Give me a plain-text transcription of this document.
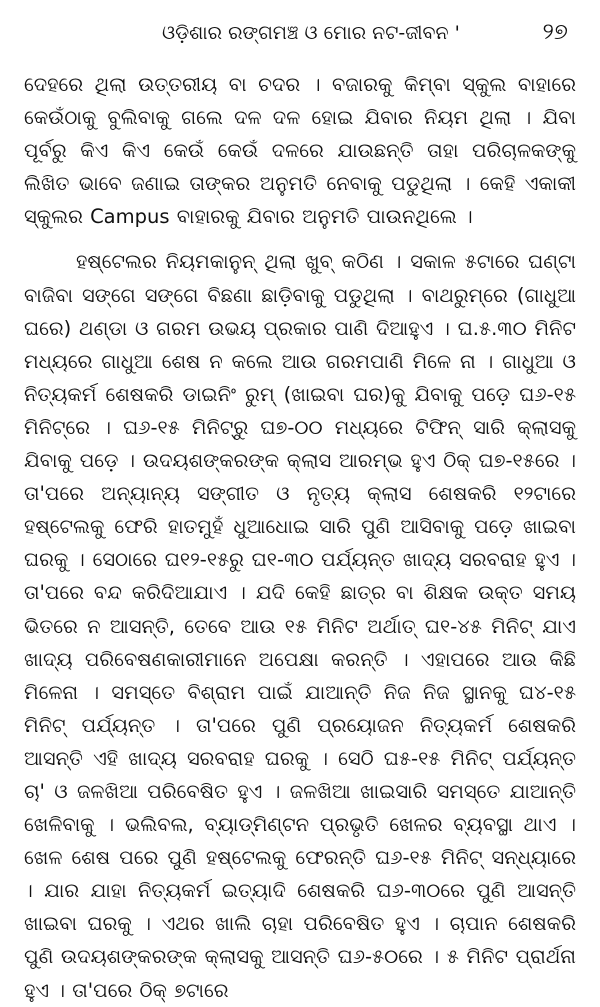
ଓଡ଼ିଶାର ରଙ୍ଗମଞ୍ଚ ଓ ମୋର ନଟ-ଜୀବନ '	୨୭

ଦେହରେ ଥିଲା ଉତ୍ତରୀୟ ବା ଚଦର । ବଜାରକୁ କିମ୍ବା ସ୍କୁଲ ବାହାରେ କେଉଁଠାକୁ ବୁଲିବାକୁ ଗଲେ ଦଳ ଦଳ ହୋଇ ଯିବାର ନିୟମ ଥିଲା । ଯିବା ପୂର୍ବରୁ କିଏ କିଏ କେଉଁ କେଉଁ ଦଳରେ ଯାଉଛନ୍ତି ତାହା ପରିଚାଳକଙ୍କୁ ଲିଖିତ ଭାବେ ଜଣାଇ ତାଙ୍କର ଅନୁମତି ନେବାକୁ ପଡୁଥିଲା । କେହି ଏକାକୀ ସ୍କୁଲର Campus ବାହାରକୁ ଯିବାର ଅନୁମତି ପାଉନଥିଲେ ।

ହଷ୍ଟେଲର ନିୟମକାନୁନ୍ ଥିଲା ଖୁବ୍ କଠିଣ । ସକାଳ ୫ଟାରେ ଘଣ୍ଟା ବାଜିବା ସଙ୍ଗେ ସଙ୍ଗେ ବିଛଣା ଛାଡ଼ିବାକୁ ପଡୁଥିଲା । ବାଥରୁମ୍‌ରେ (ଗାଧୁଆ ଘରେ) ଥଣ୍ଡା ଓ ଗରମ ଉଭୟ ପ୍ରକାର ପାଣି ଦିଆହୁଏ । ଘ.୫.୩୦ ମିନିଟ ମଧ୍ୟରେ ଗାଧୁଆ ଶେଷ ନ କଲେ ଆଉ ଗରମପାଣି ମିଳେ ନା । ଗାଧୁଆ ଓ ନିତ୍ୟକର୍ମ ଶେଷକରି ଡାଇନିଂ ରୁମ୍ (ଖାଇବା ଘର)କୁ ଯିବାକୁ ପଡ଼େ ଘ୬-୧୫ ମିନିଟ୍‌ରେ । ଘ୬-୧୫ ମିନିଟ୍‌ରୁ ଘ୭-୦୦ ମଧ୍ୟରେ ଟିଫିନ୍ ସାରି କ୍ଲାସକୁ ଯିବାକୁ ପଡ଼େ । ଉଦୟଶଙ୍କରଙ୍କ କ୍ଲାସ ଆରମ୍ଭ ହୁଏ ଠିକ୍ ଘ୭-୧୫ରେ । ତା'ପରେ ଅନ୍ୟାନ୍ୟ ସଙ୍ଗୀତ ଓ ନୃତ୍ୟ କ୍ଲାସ ଶେଷକରି ୧୨ଟାରେ ହଷ୍ଟେଲକୁ ଫେରି ହାତମୁହଁ ଧୁଆଧୋଇ ସାରି ପୁଣି ଆସିବାକୁ ପଡ଼େ ଖାଇବା ଘରକୁ । ସେଠାରେ ଘ୧୨-୧୫ରୁ ଘ୧-୩୦ ପର୍ଯ୍ୟନ୍ତ ଖାଦ୍ୟ ସରବରାହ ହୁଏ । ତା'ପରେ ବନ୍ଦ କରିଦିଆଯାଏ । ଯଦି କେହି ଛାତ୍ର ବା ଶିକ୍ଷକ ଉକ୍ତ ସମୟ ଭିତରେ ନ ଆସନ୍ତି, ତେବେ ଆଉ ୧୫ ମିନିଟ ଅର୍ଥାତ୍ ଘ୧-୪୫ ମିନିଟ୍ ଯାଏ ଖାଦ୍ୟ ପରିବେଷଣକାରୀମାନେ ଅପେକ୍ଷା କରନ୍ତି । ଏହାପରେ ଆଉ କିଛି ମିଳେନା । ସମସ୍ତେ ବିଶ୍ରାମ ପାଇଁ ଯାଆନ୍ତି ନିଜ ନିଜ ସ୍ଥାନକୁ ଘ୪-୧୫ ମିନିଟ୍ ପର୍ଯ୍ୟନ୍ତ । ତା'ପରେ ପୁଣି ପ୍ରୟୋଜନ ନିତ୍ୟକର୍ମ ଶେଷକରି ଆସନ୍ତି ଏହି ଖାଦ୍ୟ ସରବରାହ ଘରକୁ । ସେଠି ଘ୫-୧୫ ମିନିଟ୍ ପର୍ଯ୍ୟନ୍ତ ଚା' ଓ ଜଳଖିଆ ପରିବେଷିତ ହୁଏ । ଜଳଖିଆ ଖାଇସାରି ସମସ୍ତେ ଯାଆନ୍ତି ଖେଳିବାକୁ । ଭଲିବଲ, ବ୍ୟାଡ୍‌ମିଣ୍ଟନ ପ୍ରଭୃତି ଖେଳର ବ୍ୟବସ୍ଥା ଥାଏ । ଖେଳ ଶେଷ ପରେ ପୁଣି ହଷ୍ଟେଲକୁ ଫେରନ୍ତି ଘ୬-୧୫ ମିନିଟ୍ ସନ୍ଧ୍ୟାରେ । ଯାର ଯାହା ନିତ୍ୟକର୍ମ ଇତ୍ୟାଦି ଶେଷକରି ଘ୬-୩୦ରେ ପୁଣି ଆସନ୍ତି ଖାଇବା ଘରକୁ । ଏଥର ଖାଲି ଚାହା ପରିବେଷିତ ହୁଏ । ଚାପାନ ଶେଷକରି ପୁଣି ଉଦୟଶଙ୍କରଙ୍କ କ୍ଲାସକୁ ଆସନ୍ତି ଘ୬-୫୦ରେ । ୫ ମିନିଟ ପ୍ରାର୍ଥନା ହୁଏ । ତା'ପରେ ଠିକ୍ ୭ଟାରେ
